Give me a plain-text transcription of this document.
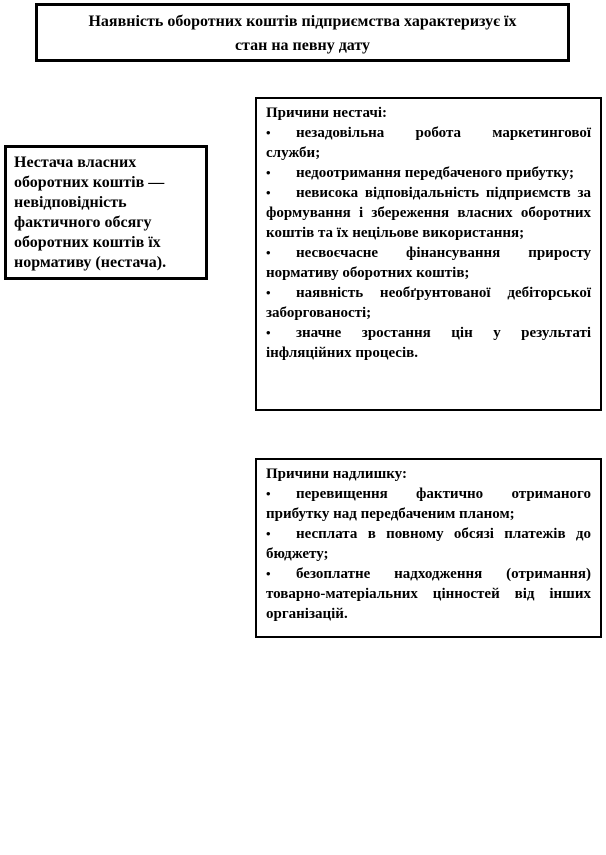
Наявність оборотних коштів підприємства характеризує їх
стан на певну дату
Нестача власних оборотних коштів — невідповідність фактичного обсягу оборотних коштів їх нормативу (нестача).
Причини нестачі:
• незадовільна робота маркетингової служби;
• недоотримання передбаченого прибутку;
• невисока відповідальність підприємств за формування і збереження власних оборотних коштів та їх нецільове використання;
• несвоєчасне фінансування приросту нормативу оборотних коштів;
• наявність необґрунтованої дебіторської заборгованості;
• значне зростання цін у результаті інфляційних процесів.
Причини надлишку:
• перевищення фактично отриманого прибутку над передбаченим планом;
• несплата в повному обсязі платежів до бюджету;
• безоплатне надходження (отримання) товарно-матеріальних цінностей від інших організацій.
